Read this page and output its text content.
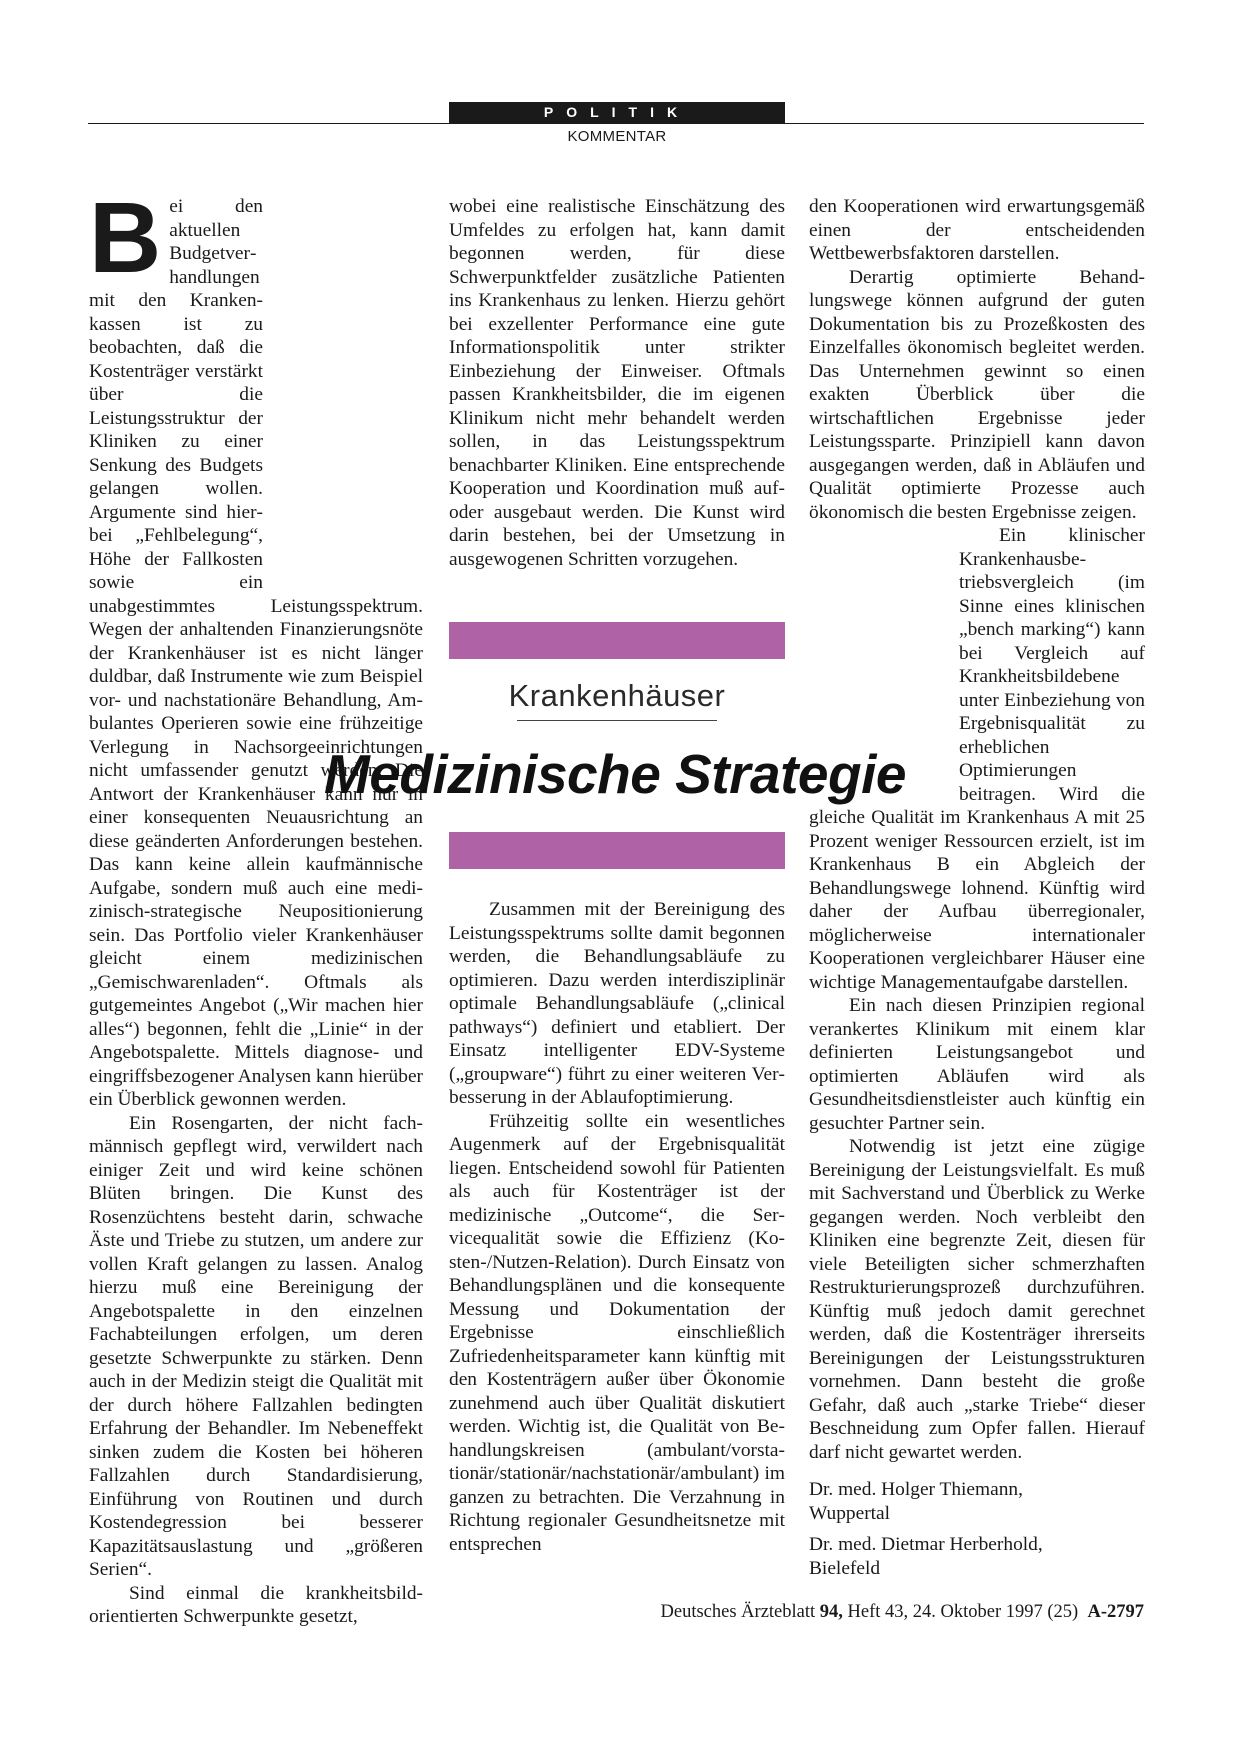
POLITIK
KOMMENTAR

Bei den aktuellen Budgetverhandlungen mit den Krankenkassen ist zu beobachten, daß die Kostenträger verstärkt über die Leistungsstruktur der Kliniken zu einer Senkung des Budgets gelangen wollen. Argumente sind hierbei „Fehlbelegung“, Höhe der Fallkosten sowie ein unabgestimmtes Leistungsspektrum. Wegen der anhaltenden Finanzierungsnöte der Krankenhäuser ist es nicht länger duldbar, daß Instrumente wie zum Beispiel vor- und nachstationäre Behandlung, Ambulantes Operieren sowie eine frühzeitige Verlegung in Nachsorgeeinrichtungen nicht umfassender genutzt werden. Die Antwort der Krankenhäuser kann nur in einer konsequenten Neuausrichtung an diese geänderten Anforderungen bestehen. Das kann keine allein kaufmännische Aufgabe, sondern muß auch eine medizinisch-strategische Neupositionierung sein. Das Portfolio vieler Krankenhäuser gleicht einem medizinischen „Gemischwarenladen“. Oftmals als gutgemeintes Angebot („Wir machen hier alles“) begonnen, fehlt die „Linie“ in der Angebotspalette. Mittels diagnose- und eingriffsbezogener Analysen kann hierüber ein Überblick gewonnen werden.

Ein Rosengarten, der nicht fachmännisch gepflegt wird, verwildert nach einiger Zeit und wird keine schönen Blüten bringen. Die Kunst des Rosenzüchtens besteht darin, schwache Äste und Triebe zu stutzen, um andere zur vollen Kraft gelangen zu lassen. Analog hierzu muß eine Bereinigung der Angebotspalette in den einzelnen Fachabteilungen erfolgen, um deren gesetzte Schwerpunkte zu stärken. Denn auch in der Medizin steigt die Qualität mit der durch höhere Fallzahlen bedingten Erfahrung der Behandler. Im Nebeneffekt sinken zudem die Kosten bei höheren Fallzahlen durch Standardisierung, Einführung von Routinen und durch Kostendegression bei besserer Kapazitätsauslastung und „größeren Serien“.

Sind einmal die krankheitsbildorientierten Schwerpunkte gesetzt,

wobei eine realistische Einschätzung des Umfeldes zu erfolgen hat, kann damit begonnen werden, für diese Schwerpunktfelder zusätzliche Patienten ins Krankenhaus zu lenken. Hierzu gehört bei exzellenter Performance eine gute Informationspolitik unter strikter Einbeziehung der Einweiser. Oftmals passen Krankheitsbilder, die im eigenen Klinikum nicht mehr behandelt werden sollen, in das Leistungsspektrum benachbarter Kliniken. Eine entsprechende Kooperation und Koordination muß auf- oder ausgebaut werden. Die Kunst wird darin bestehen, bei der Umsetzung in ausgewogenen Schritten vorzugehen.

Krankenhäuser
Medizinische Strategie

Zusammen mit der Bereinigung des Leistungsspektrums sollte damit begonnen werden, die Behandlungsabläufe zu optimieren. Dazu werden interdisziplinär optimale Behandlungsabläufe („clinical pathways“) definiert und etabliert. Der Einsatz intelligenter EDV-Systeme („groupware“) führt zu einer weiteren Verbesserung in der Ablaufoptimierung.

Frühzeitig sollte ein wesentliches Augenmerk auf der Ergebnisqualität liegen. Entscheidend sowohl für Patienten als auch für Kostenträger ist der medizinische „Outcome“, die Servicequalität sowie die Effizienz (Kosten-/Nutzen-Relation). Durch Einsatz von Behandlungsplänen und die konsequente Messung und Dokumentation der Ergebnisse einschließlich Zufriedenheitsparameter kann künftig mit den Kostenträgern außer über Ökonomie zunehmend auch über Qualität diskutiert werden. Wichtig ist, die Qualität von Behandlungskreisen (ambulant/vorstationär/stationär/nachstationär/ambulant) im ganzen zu betrachten. Die Verzahnung in Richtung regionaler Gesundheitsnetze mit entsprechen

den Kooperationen wird erwartungsgemäß einen der entscheidenden Wettbewerbsfaktoren darstellen.

Derartig optimierte Behandlungswege können aufgrund der guten Dokumentation bis zu Prozeßkosten des Einzelfalles ökonomisch begleitet werden. Das Unternehmen gewinnt so einen exakten Überblick über die wirtschaftlichen Ergebnisse jeder Leistungssparte. Prinzipiell kann davon ausgegangen werden, daß in Abläufen und Qualität optimierte Prozesse auch ökonomisch die besten Ergebnisse zeigen.

Ein klinischer Krankenhausbetriebsvergleich (im Sinne eines klinischen „bench marking“) kann bei Vergleich auf Krankheitsbildebene unter Einbeziehung von Ergebnisqualität zu erheblichen Optimierungen beitragen. Wird die gleiche Qualität im Krankenhaus A mit 25 Prozent weniger Ressourcen erzielt, ist im Krankenhaus B ein Abgleich der Behandlungswege lohnend. Künftig wird daher der Aufbau überregionaler, möglicherweise internationaler Kooperationen vergleichbarer Häuser eine wichtige Managementaufgabe darstellen.

Ein nach diesen Prinzipien regional verankertes Klinikum mit einem klar definierten Leistungsangebot und optimierten Abläufen wird als Gesundheitsdienstleister auch künftig ein gesuchter Partner sein.

Notwendig ist jetzt eine zügige Bereinigung der Leistungsvielfalt. Es muß mit Sachverstand und Überblick zu Werke gegangen werden. Noch verbleibt den Kliniken eine begrenzte Zeit, diesen für viele Beteiligten sicher schmerzhaften Restrukturierungsprozeß durchzuführen. Künftig muß jedoch damit gerechnet werden, daß die Kostenträger ihrerseits Bereinigungen der Leistungsstrukturen vornehmen. Dann besteht die große Gefahr, daß auch „starke Triebe“ dieser Beschneidung zum Opfer fallen. Hierauf darf nicht gewartet werden.

Dr. med. Holger Thiemann,
Wuppertal

Dr. med. Dietmar Herberhold,
Bielefeld

Deutsches Ärzteblatt 94, Heft 43, 24. Oktober 1997 (25) A-2797
